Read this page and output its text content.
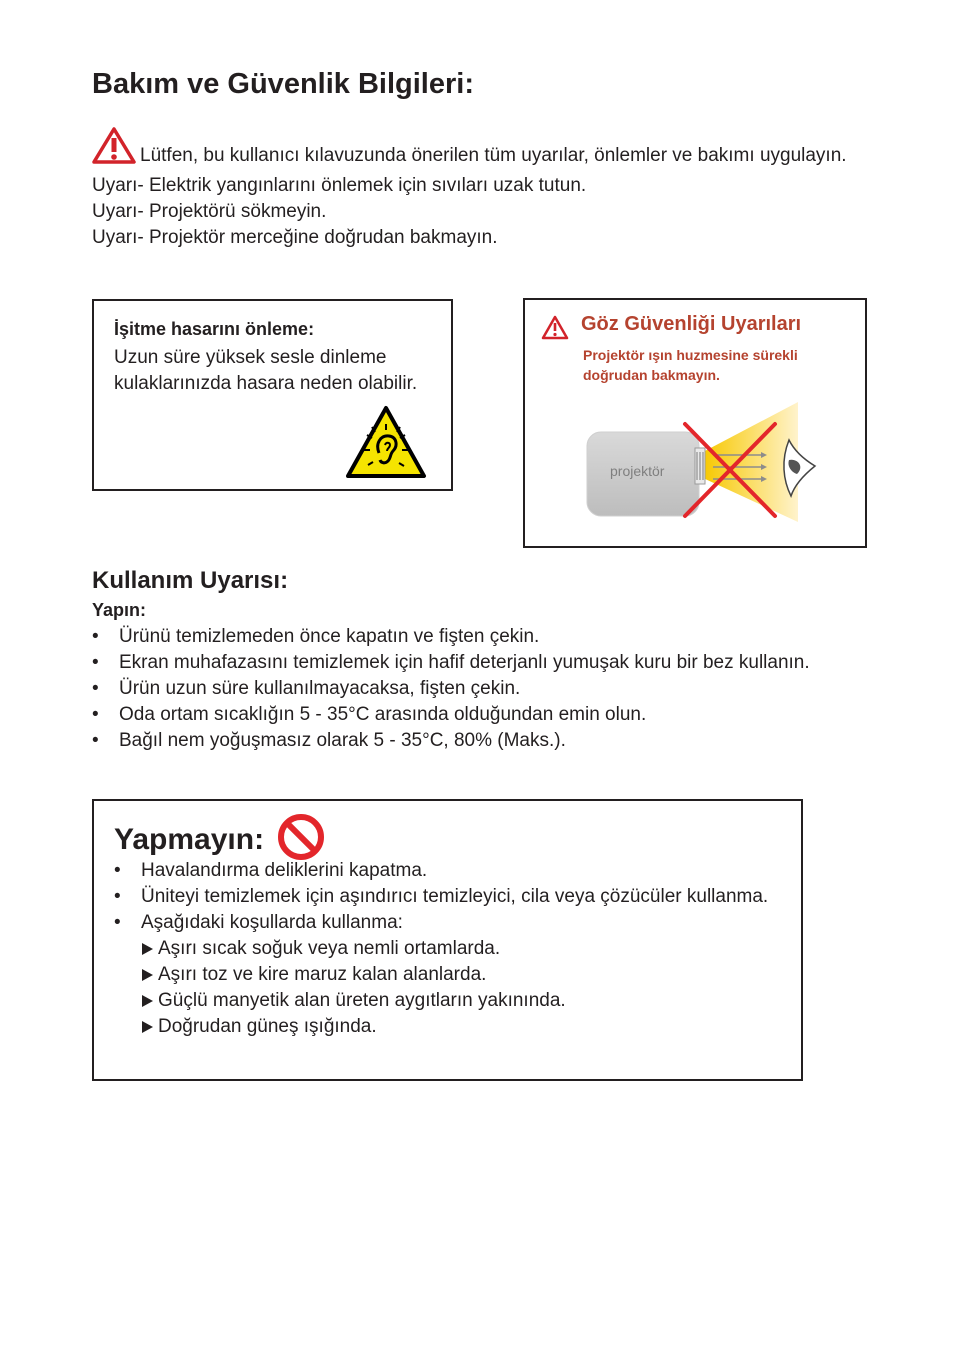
Bakım ve Güvenlik Bilgileri:

Lütfen, bu kullanıcı kılavuzunda önerilen tüm uyarılar, önlemler ve bakımı uygulayın.

Uyarı- Elektrik yangınlarını önlemek için sıvıları uzak tutun.

Uyarı- Projektörü sökmeyin.

Uyarı- Projektör merceğine doğrudan bakmayın.

İşitme hasarını önleme:
Uzun süre yüksek sesle dinleme kulaklarınızda hasara neden olabilir.
Göz Güvenliği Uyarıları
Projektör ışın huzmesine sürekli doğrudan bakmayın.
projektör
Kullanım Uyarısı:
Yapın:
• Ürünü temizlemeden önce kapatın ve fişten çekin.
• Ekran muhafazasını temizlemek için hafif deterjanlı yumuşak kuru bir bez kullanın.
• Ürün uzun süre kullanılmayacaksa, fişten çekin.
• Oda ortam sıcaklığın 5 - 35°C arasında olduğundan emin olun.
• Bağıl nem yoğuşmasız olarak 5 - 35°C, 80% (Maks.).
Yapmayın:
• Havalandırma deliklerini kapatma.
• Üniteyi temizlemek için aşındırıcı temizleyici, cila veya çözücüler kullanma.
• Aşağıdaki koşullarda kullanma:
Aşırı sıcak soğuk veya nemli ortamlarda.
Aşırı toz ve kire maruz kalan alanlarda.
Güçlü manyetik alan üreten aygıtların yakınında.
Doğrudan güneş ışığında.
